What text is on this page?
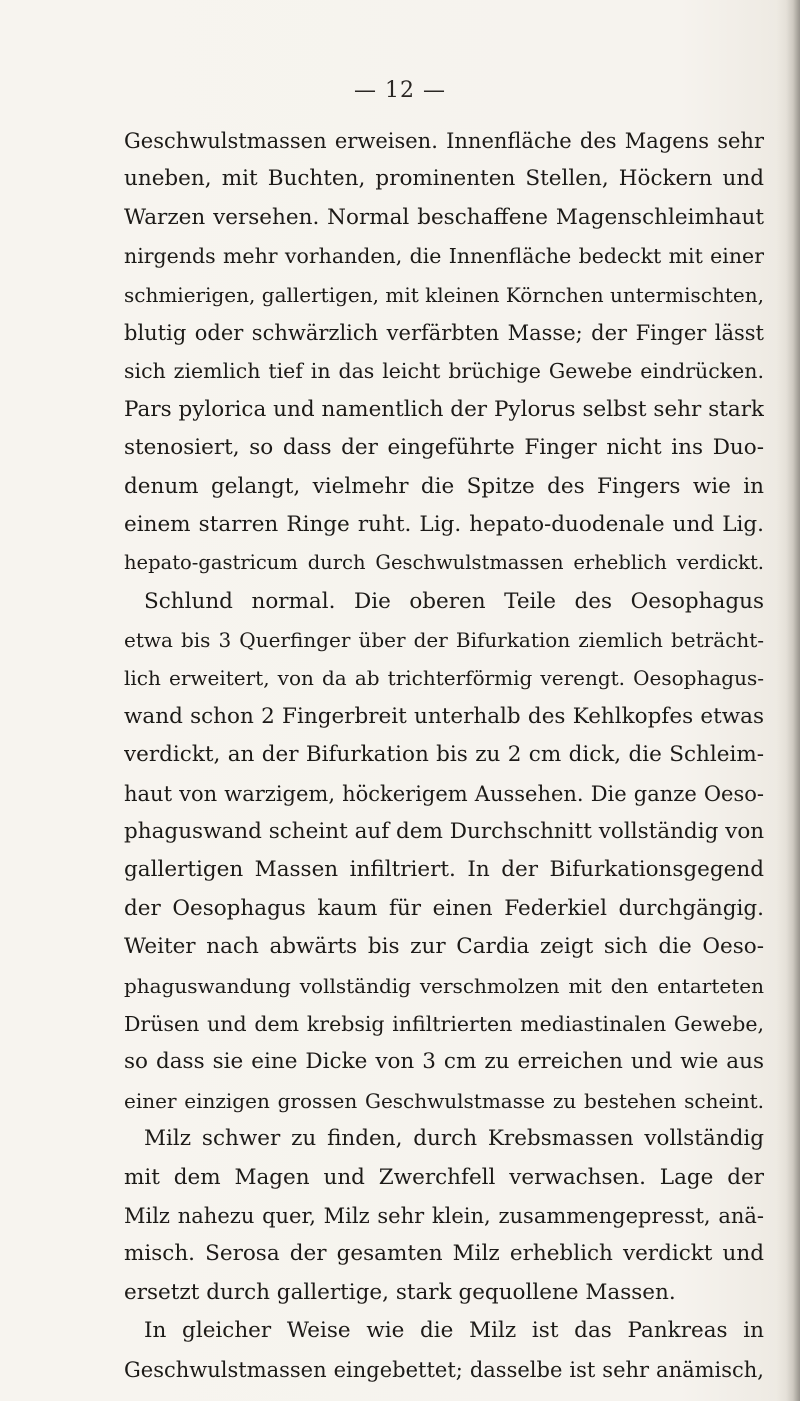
— 12 —
Geschwulstmassen erweisen. Innenfläche des Magens sehr
uneben, mit Buchten, prominenten Stellen, Höckern und
Warzen versehen. Normal beschaffene Magenschleimhaut
nirgends mehr vorhanden, die Innenfläche bedeckt mit einer
schmierigen, gallertigen, mit kleinen Körnchen untermischten,
blutig oder schwärzlich verfärbten Masse; der Finger lässt
sich ziemlich tief in das leicht brüchige Gewebe eindrücken.
Pars pylorica und namentlich der Pylorus selbst sehr stark
stenosiert, so dass der eingeführte Finger nicht ins Duo-
denum gelangt, vielmehr die Spitze des Fingers wie in
einem starren Ringe ruht. Lig. hepato-duodenale und Lig.
hepato-gastricum durch Geschwulstmassen erheblich verdickt.
Schlund normal. Die oberen Teile des Oesophagus
etwa bis 3 Querfinger über der Bifurkation ziemlich beträcht-
lich erweitert, von da ab trichterförmig verengt. Oesophagus-
wand schon 2 Fingerbreit unterhalb des Kehlkopfes etwas
verdickt, an der Bifurkation bis zu 2 cm dick, die Schleim-
haut von warzigem, höckerigem Aussehen. Die ganze Oeso-
phaguswand scheint auf dem Durchschnitt vollständig von
gallertigen Massen infiltriert. In der Bifurkationsgegend
der Oesophagus kaum für einen Federkiel durchgängig.
Weiter nach abwärts bis zur Cardia zeigt sich die Oeso-
phaguswandung vollständig verschmolzen mit den entarteten
Drüsen und dem krebsig infiltrierten mediastinalen Gewebe,
so dass sie eine Dicke von 3 cm zu erreichen und wie aus
einer einzigen grossen Geschwulstmasse zu bestehen scheint.
Milz schwer zu finden, durch Krebsmassen vollständig
mit dem Magen und Zwerchfell verwachsen. Lage der
Milz nahezu quer, Milz sehr klein, zusammengepresst, anä-
misch. Serosa der gesamten Milz erheblich verdickt und
ersetzt durch gallertige, stark gequollene Massen.
In gleicher Weise wie die Milz ist das Pankreas in
Geschwulstmassen eingebettet; dasselbe ist sehr anämisch,
